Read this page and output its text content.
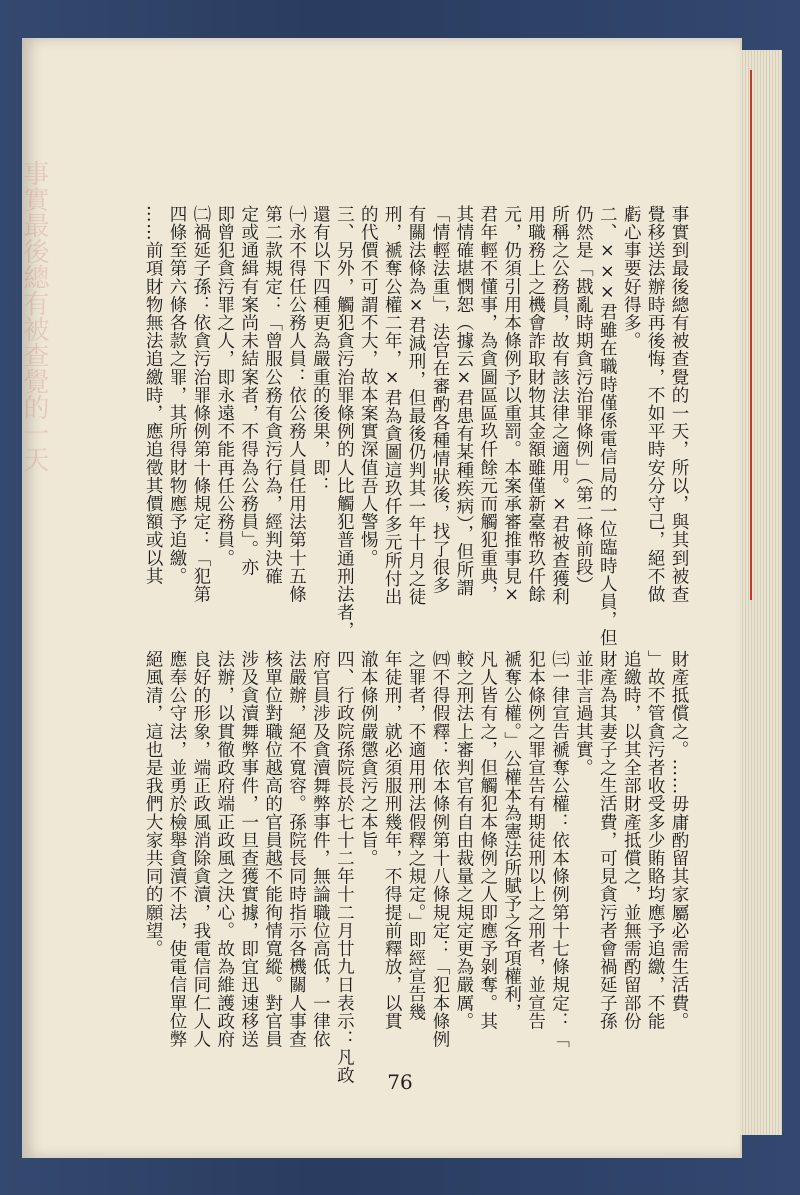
事實最後總有被查覺的一天	事實到最後總有被查覺的一天，所以，與其到被查
覺移送法辦時再後悔，不如平時安分守己，絕不做
虧心事要好得多。
二、×××君雖在職時僅係電信局的一位臨時人員，但
仍然是「戡亂時期貪污治罪條例」（第二條前段）
所稱之公務員，故有該法律之適用。×君被查獲利
用職務上之機會詐取財物其金額雖僅新臺幣玖仟餘
元，仍須引用本條例予以重罰。本案承審推事見×
君年輕不懂事，為貪圖區區玖仟餘元而觸犯重典，
其情確堪憫恕（據云×君患有某種疾病），但所謂
「情輕法重」，法官在審酌各種情狀後，找了很多
有關法條為×君減刑，但最後仍判其一年十月之徒
刑，褫奪公權二年，×君為貪圖這玖仟多元所付出
的代價不可謂不大，故本案實深值吾人警惕。
三、另外，觸犯貪污治罪條例的人比觸犯普通刑法者，
還有以下四種更為嚴重的後果，即：
㈠永不得任公務人員：依公務人員任用法第十五條
第二款規定：「曾服公務有貪污行為，經判決確
定或通緝有案尚未結案者，不得為公務員」。亦
即曾犯貪污罪之人，即永遠不能再任公務員。
㈡禍延子孫：依貪污治罪條例第十條規定：「犯第
四條至第六條各款之罪，其所得財物應予追繳。
……前項財物無法追繳時，應追徵其價額或以其
財產抵償之。……毋庸酌留其家屬必需生活費。
」故不管貪污者收受多少賄賂均應予追繳，不能
追繳時，以其全部財產抵償之，並無需酌留部份
財產為其妻子之生活費，可見貪污者會禍延子孫
並非言過其實。
㈢一律宣告褫奪公權：依本條例第十七條規定：「
犯本條例之罪宣告有期徒刑以上之刑者，並宣告
褫奪公權。」公權本為憲法所賦予之各項權利，
凡人皆有之，但觸犯本條例之人即應予剝奪。其
較之刑法上審判官有自由裁量之規定更為嚴厲。
㈣不得假釋：依本條例第十八條規定：「犯本條例
之罪者，不適用刑法假釋之規定。」即經宣告幾
年徒刑，就必須服刑幾年，不得提前釋放，以貫
澈本條例嚴懲貪污之本旨。
四、行政院孫院長於七十二年十二月廿九日表示：凡政
府官員涉及貪瀆舞弊事件，無論職位高低，一律依
法嚴辦，絕不寬容。孫院長同時指示各機關人事查
核單位對職位越高的官員越不能徇情寬縱。對官員
涉及貪瀆舞弊事件，一旦查獲實據，即宜迅速移送
法辦，以貫徹政府端正政風之決心。故為維護政府
良好的形象，端正政風消除貪瀆，我電信同仁人人
應奉公守法，並勇於檢舉貪瀆不法，使電信單位弊
絕風清，這也是我們大家共同的願望。
76
